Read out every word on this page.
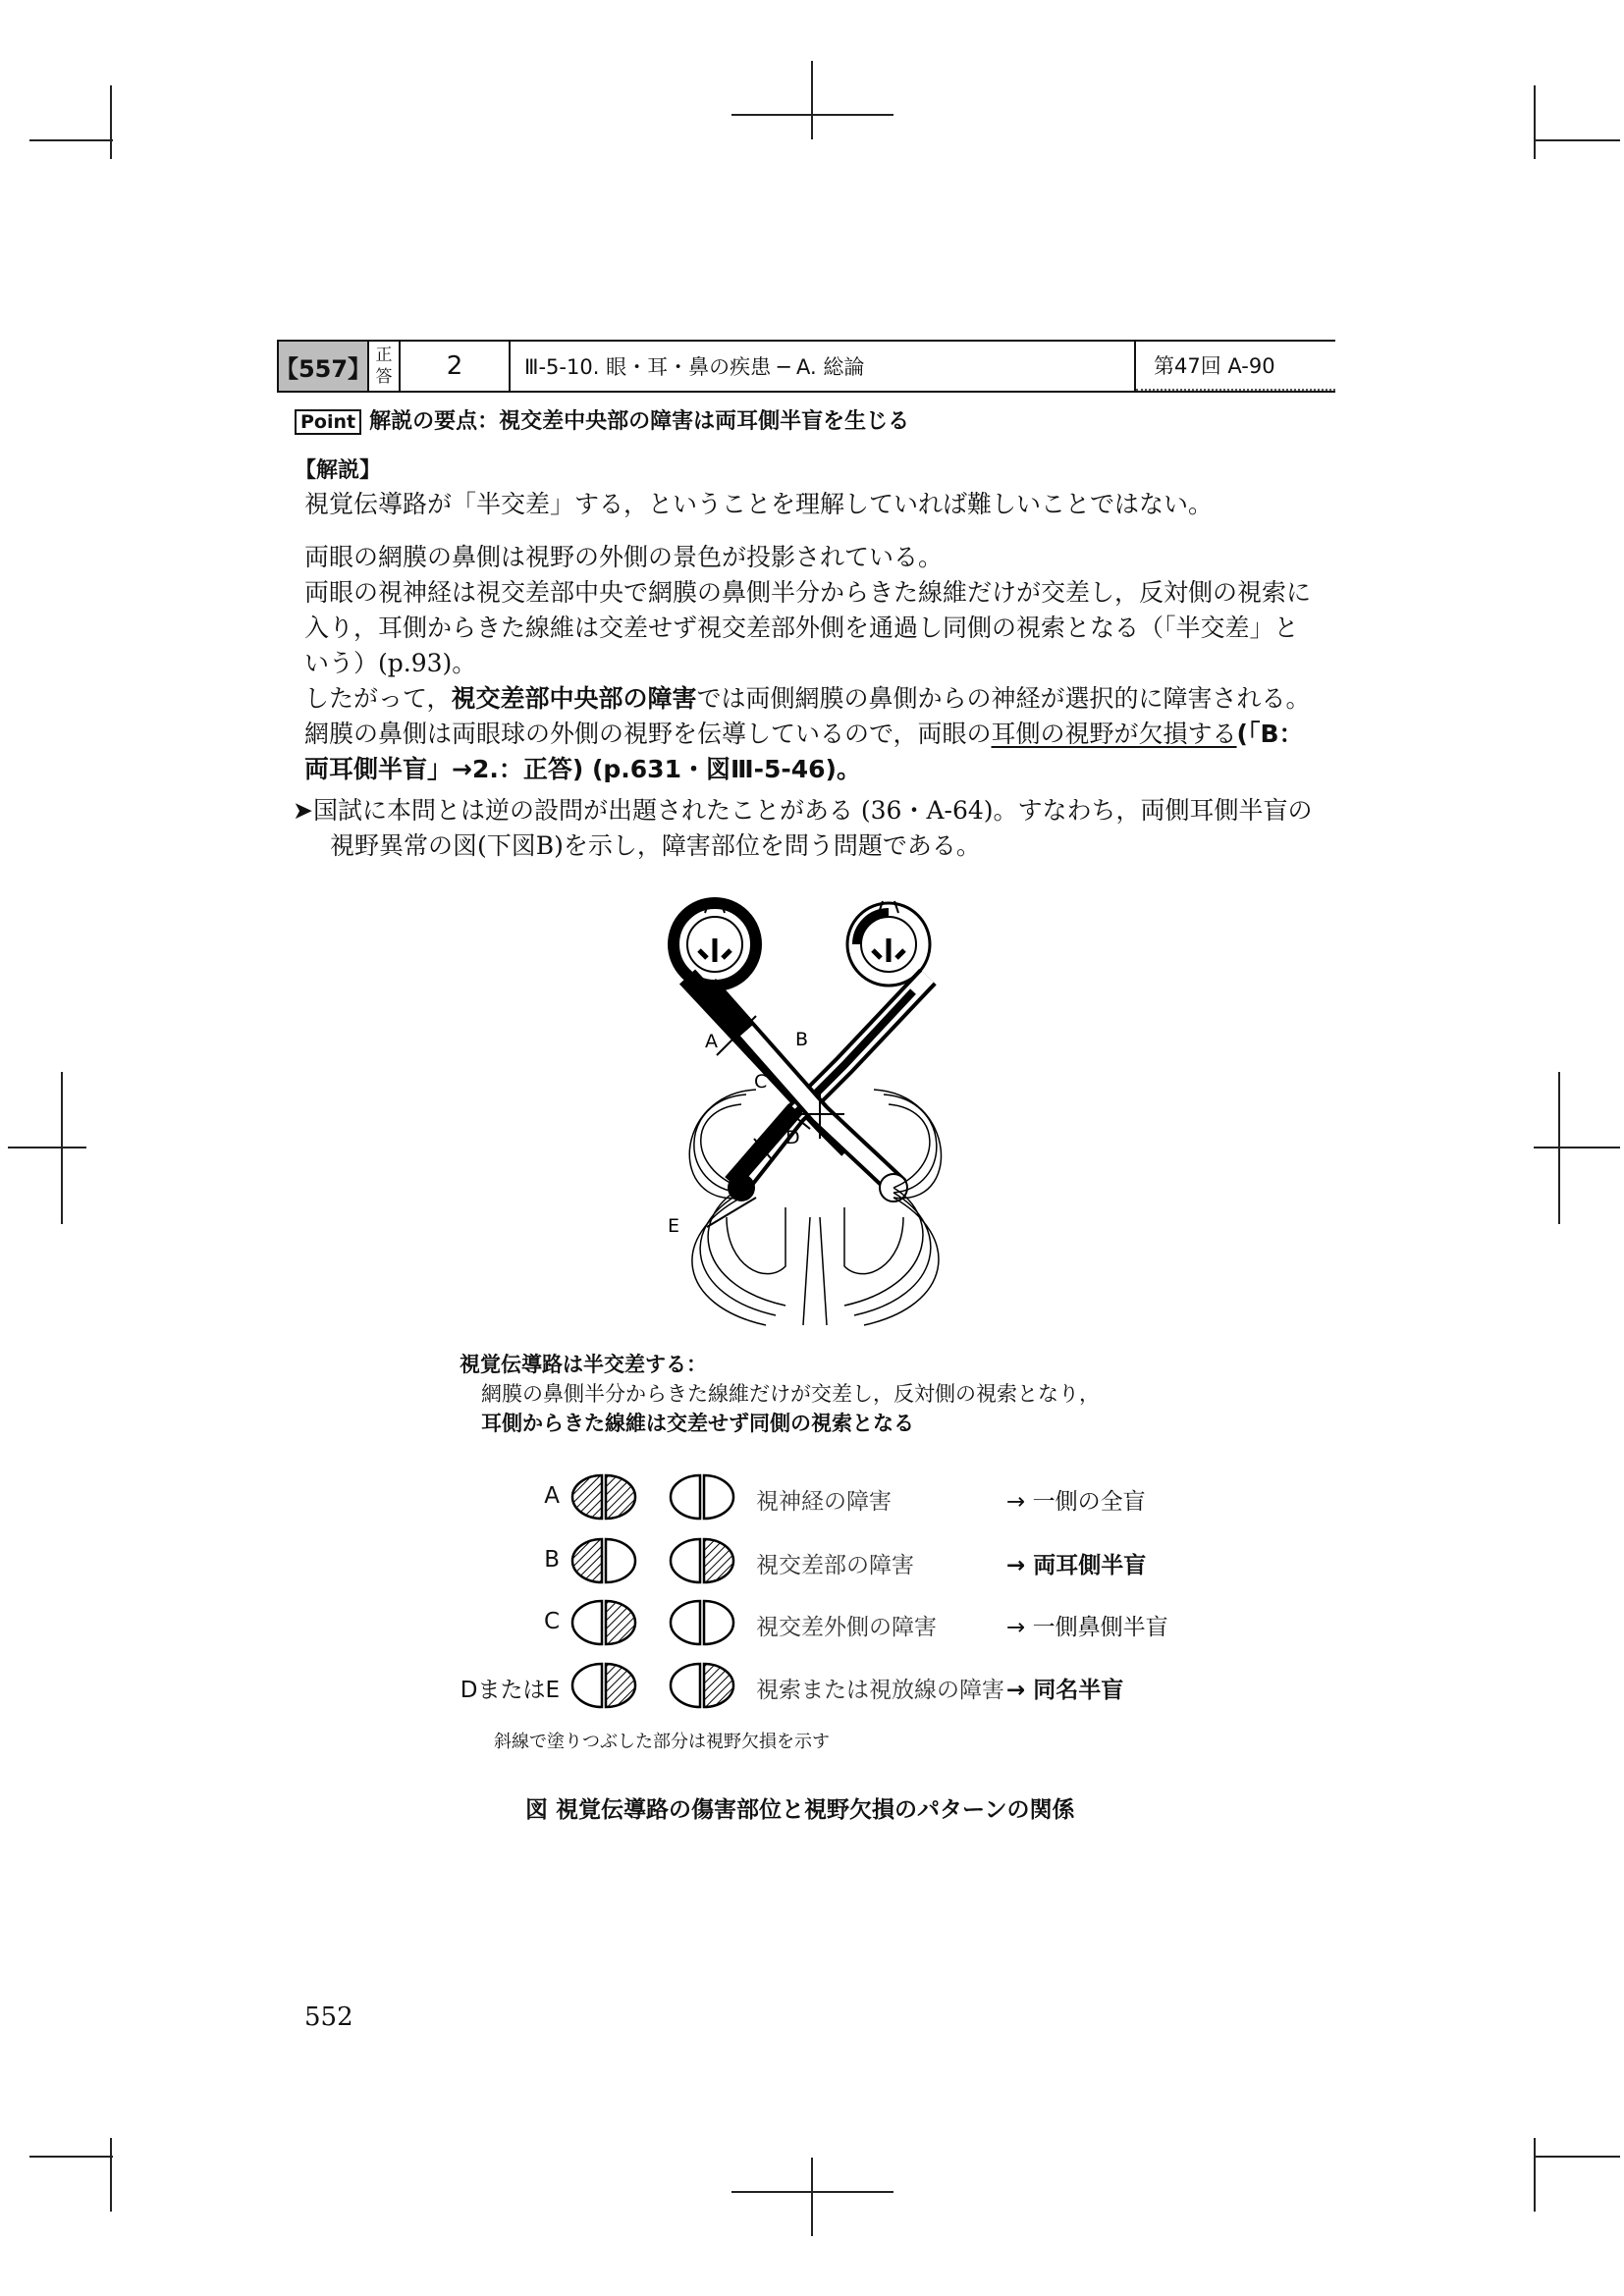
【557】 正
答	2	Ⅲ-5-10. 眼・耳・鼻の疾患 ─ A. 総論	第47回 A-90
Point 解説の要点：視交差中央部の障害は両耳側半盲を生じる
【解説】
視覚伝導路が「半交差」する，ということを理解していれば難しいことではない。
両眼の網膜の鼻側は視野の外側の景色が投影されている。
両眼の視神経は視交差部中央で網膜の鼻側半分からきた線維だけが交差し，反対側の視索に
入り，耳側からきた線維は交差せず視交差部外側を通過し同側の視索となる（「半交差」と
いう）(p.93)。
したがって，視交差部中央部の障害では両側網膜の鼻側からの神経が選択的に障害される。
網膜の鼻側は両眼球の外側の視野を伝導しているので，両眼の耳側の視野が欠損する(「B：
両耳側半盲」→2.：正答) (p.631・図Ⅲ-5-46)。
➤国試に本問とは逆の設問が出題されたことがある (36・A-64)。すなわち，両側耳側半盲の
視野異常の図(下図B)を示し，障害部位を問う問題である。
A	B
C
D
E
視覚伝導路は半交差する：
網膜の鼻側半分からきた線維だけが交差し，反対側の視索となり，
耳側からきた線維は交差せず同側の視索となる
A	視神経の障害	→ 一側の全盲
B	視交差部の障害	→ 両耳側半盲
C	視交差外側の障害	→ 一側鼻側半盲
DまたはE	視索または視放線の障害 → 同名半盲
斜線で塗りつぶした部分は視野欠損を示す
図 視覚伝導路の傷害部位と視野欠損のパターンの関係
552
